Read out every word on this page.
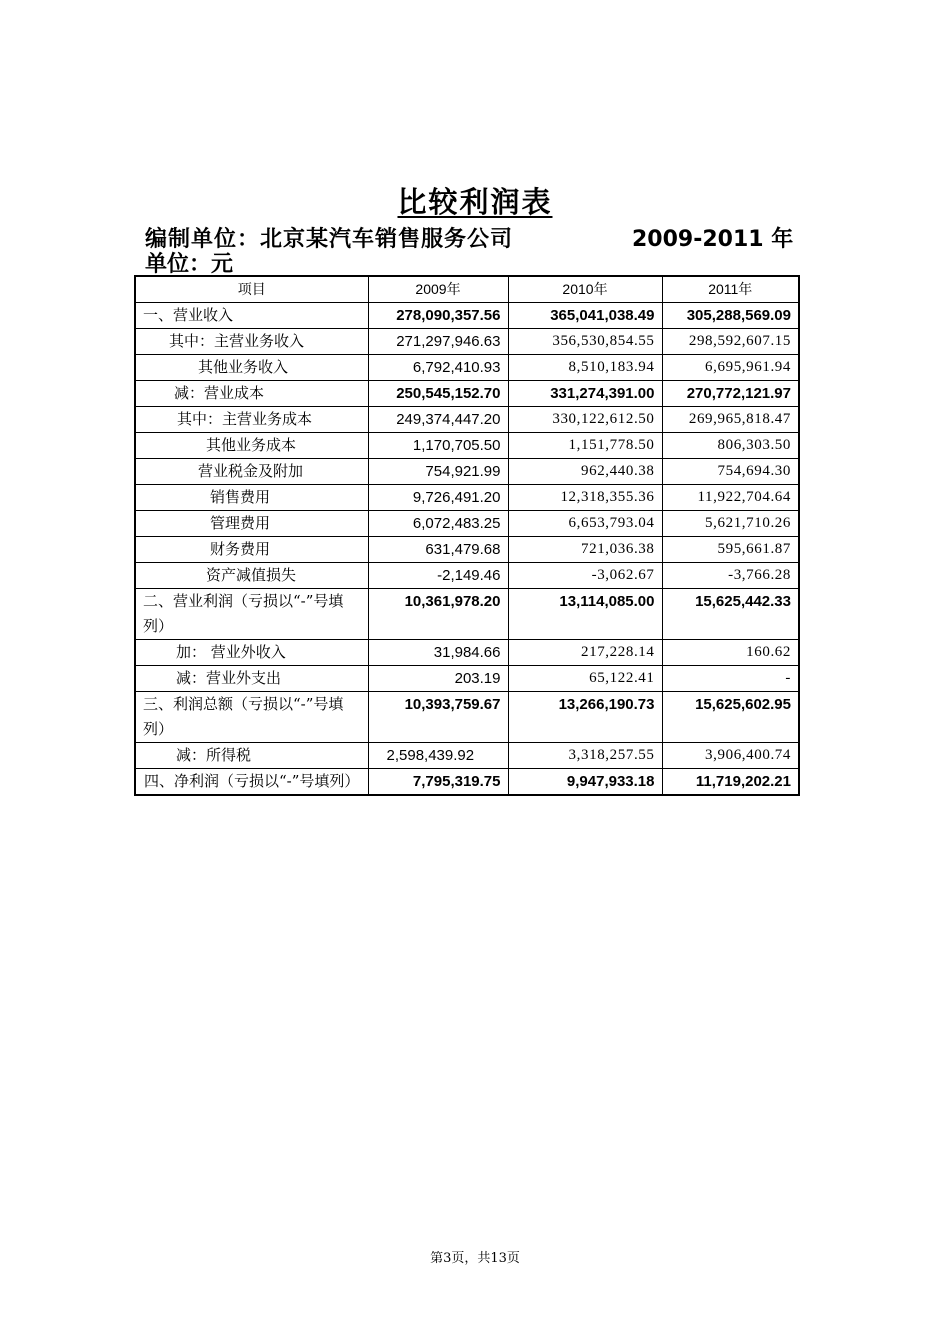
比较利润表
编制单位：北京某汽车销售服务公司	2009-2011 年
单位：元
项目	2009年	2010年	2011年
一、营业收入	278,090,357.56	365,041,038.49	305,288,569.09
其中：主营业务收入	271,297,946.63	356,530,854.55	298,592,607.15
其他业务收入	6,792,410.93	8,510,183.94	6,695,961.94
减：营业成本	250,545,152.70	331,274,391.00	270,772,121.97
其中：主营业务成本	249,374,447.20	330,122,612.50	269,965,818.47
其他业务成本	1,170,705.50	1,151,778.50	806,303.50
营业税金及附加	754,921.99	962,440.38	754,694.30
销售费用	9,726,491.20	12,318,355.36	11,922,704.64
管理费用	6,072,483.25	6,653,793.04	5,621,710.26
财务费用	631,479.68	721,036.38	595,661.87
资产减值损失	-2,149.46	-3,062.67	-3,766.28
二、营业利润（亏损以“-”号填列）	10,361,978.20	13,114,085.00	15,625,442.33
加： 营业外收入	31,984.66	217,228.14	160.62
减：营业外支出	203.19	65,122.41	-
三、利润总额（亏损以“-”号填列）	10,393,759.67	13,266,190.73	15,625,602.95
减：所得税	2,598,439.92	3,318,257.55	3,906,400.74
四、净利润（亏损以“-”号填列）	7,795,319.75	9,947,933.18	11,719,202.21
第3页，共13页
